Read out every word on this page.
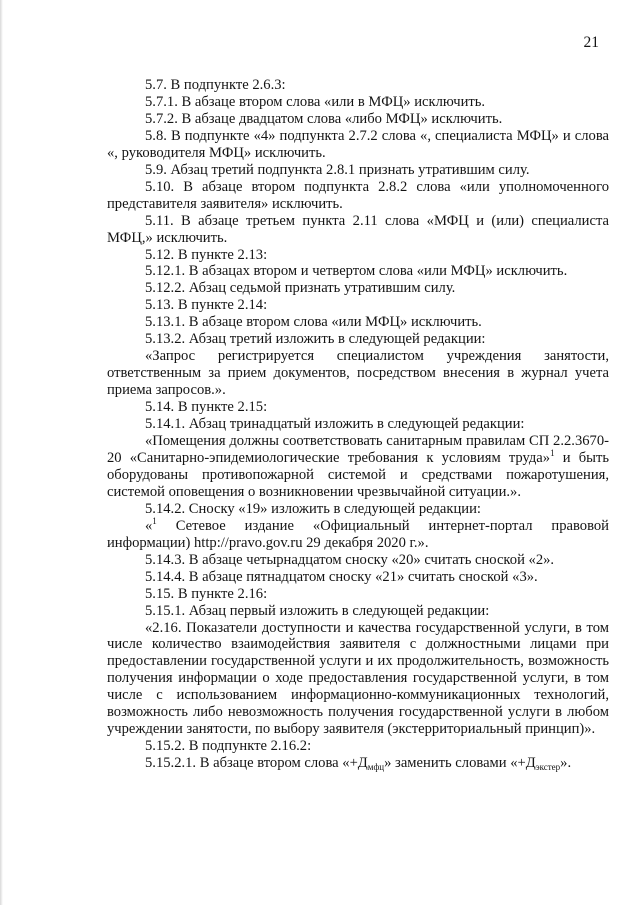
21

5.7. В подпункте 2.6.3:

5.7.1. В абзаце втором слова «или в МФЦ» исключить.

5.7.2. В абзаце двадцатом слова «либо МФЦ» исключить.

5.8. В подпункте «4» подпункта 2.7.2 слова «, специалиста МФЦ» и слова «, руководителя МФЦ» исключить.

5.9. Абзац третий подпункта 2.8.1 признать утратившим силу.

5.10. В абзаце втором подпункта 2.8.2 слова «или уполномоченного представителя заявителя» исключить.

5.11. В абзаце третьем пункта 2.11 слова «МФЦ и (или) специалиста МФЦ,» исключить.

5.12. В пункте 2.13:

5.12.1. В абзацах втором и четвертом слова «или МФЦ» исключить.

5.12.2. Абзац седьмой признать утратившим силу.

5.13. В пункте 2.14:

5.13.1. В абзаце втором слова «или МФЦ» исключить.

5.13.2. Абзац третий изложить в следующей редакции:

«Запрос регистрируется специалистом учреждения занятости, ответственным за прием документов, посредством внесения в журнал учета приема запросов.».

5.14. В пункте 2.15:

5.14.1. Абзац тринадцатый изложить в следующей редакции:

«Помещения должны соответствовать санитарным правилам СП 2.2.3670-20 «Санитарно-эпидемиологические требования к условиям труда»$^1$ и быть оборудованы противопожарной системой и средствами пожаротушения, системой оповещения о возникновении чрезвычайной ситуации.».

5.14.2. Сноску «19» изложить в следующей редакции:

«$^1$ Сетевое издание «Официальный интернет-портал правовой информации) http://pravo.gov.ru 29 декабря 2020 г.».

5.14.3. В абзаце четырнадцатом сноску «20» считать сноской «2».

5.14.4. В абзаце пятнадцатом сноску «21» считать сноской «3».

5.15. В пункте 2.16:

5.15.1. Абзац первый изложить в следующей редакции:

«2.16. Показатели доступности и качества государственной услуги, в том числе количество взаимодействия заявителя с должностными лицами при предоставлении государственной услуги и их продолжительность, возможность получения информации о ходе предоставления государственной услуги, в том числе с использованием информационно-коммуникационных технологий, возможность либо невозможность получения государственной услуги в любом учреждении занятости, по выбору заявителя (экстерриториальный принцип)».

5.15.2. В подпункте 2.16.2:

5.15.2.1. В абзаце втором слова «$+Д_{мфц}$» заменить словами «$+Д_{экстер}$».
